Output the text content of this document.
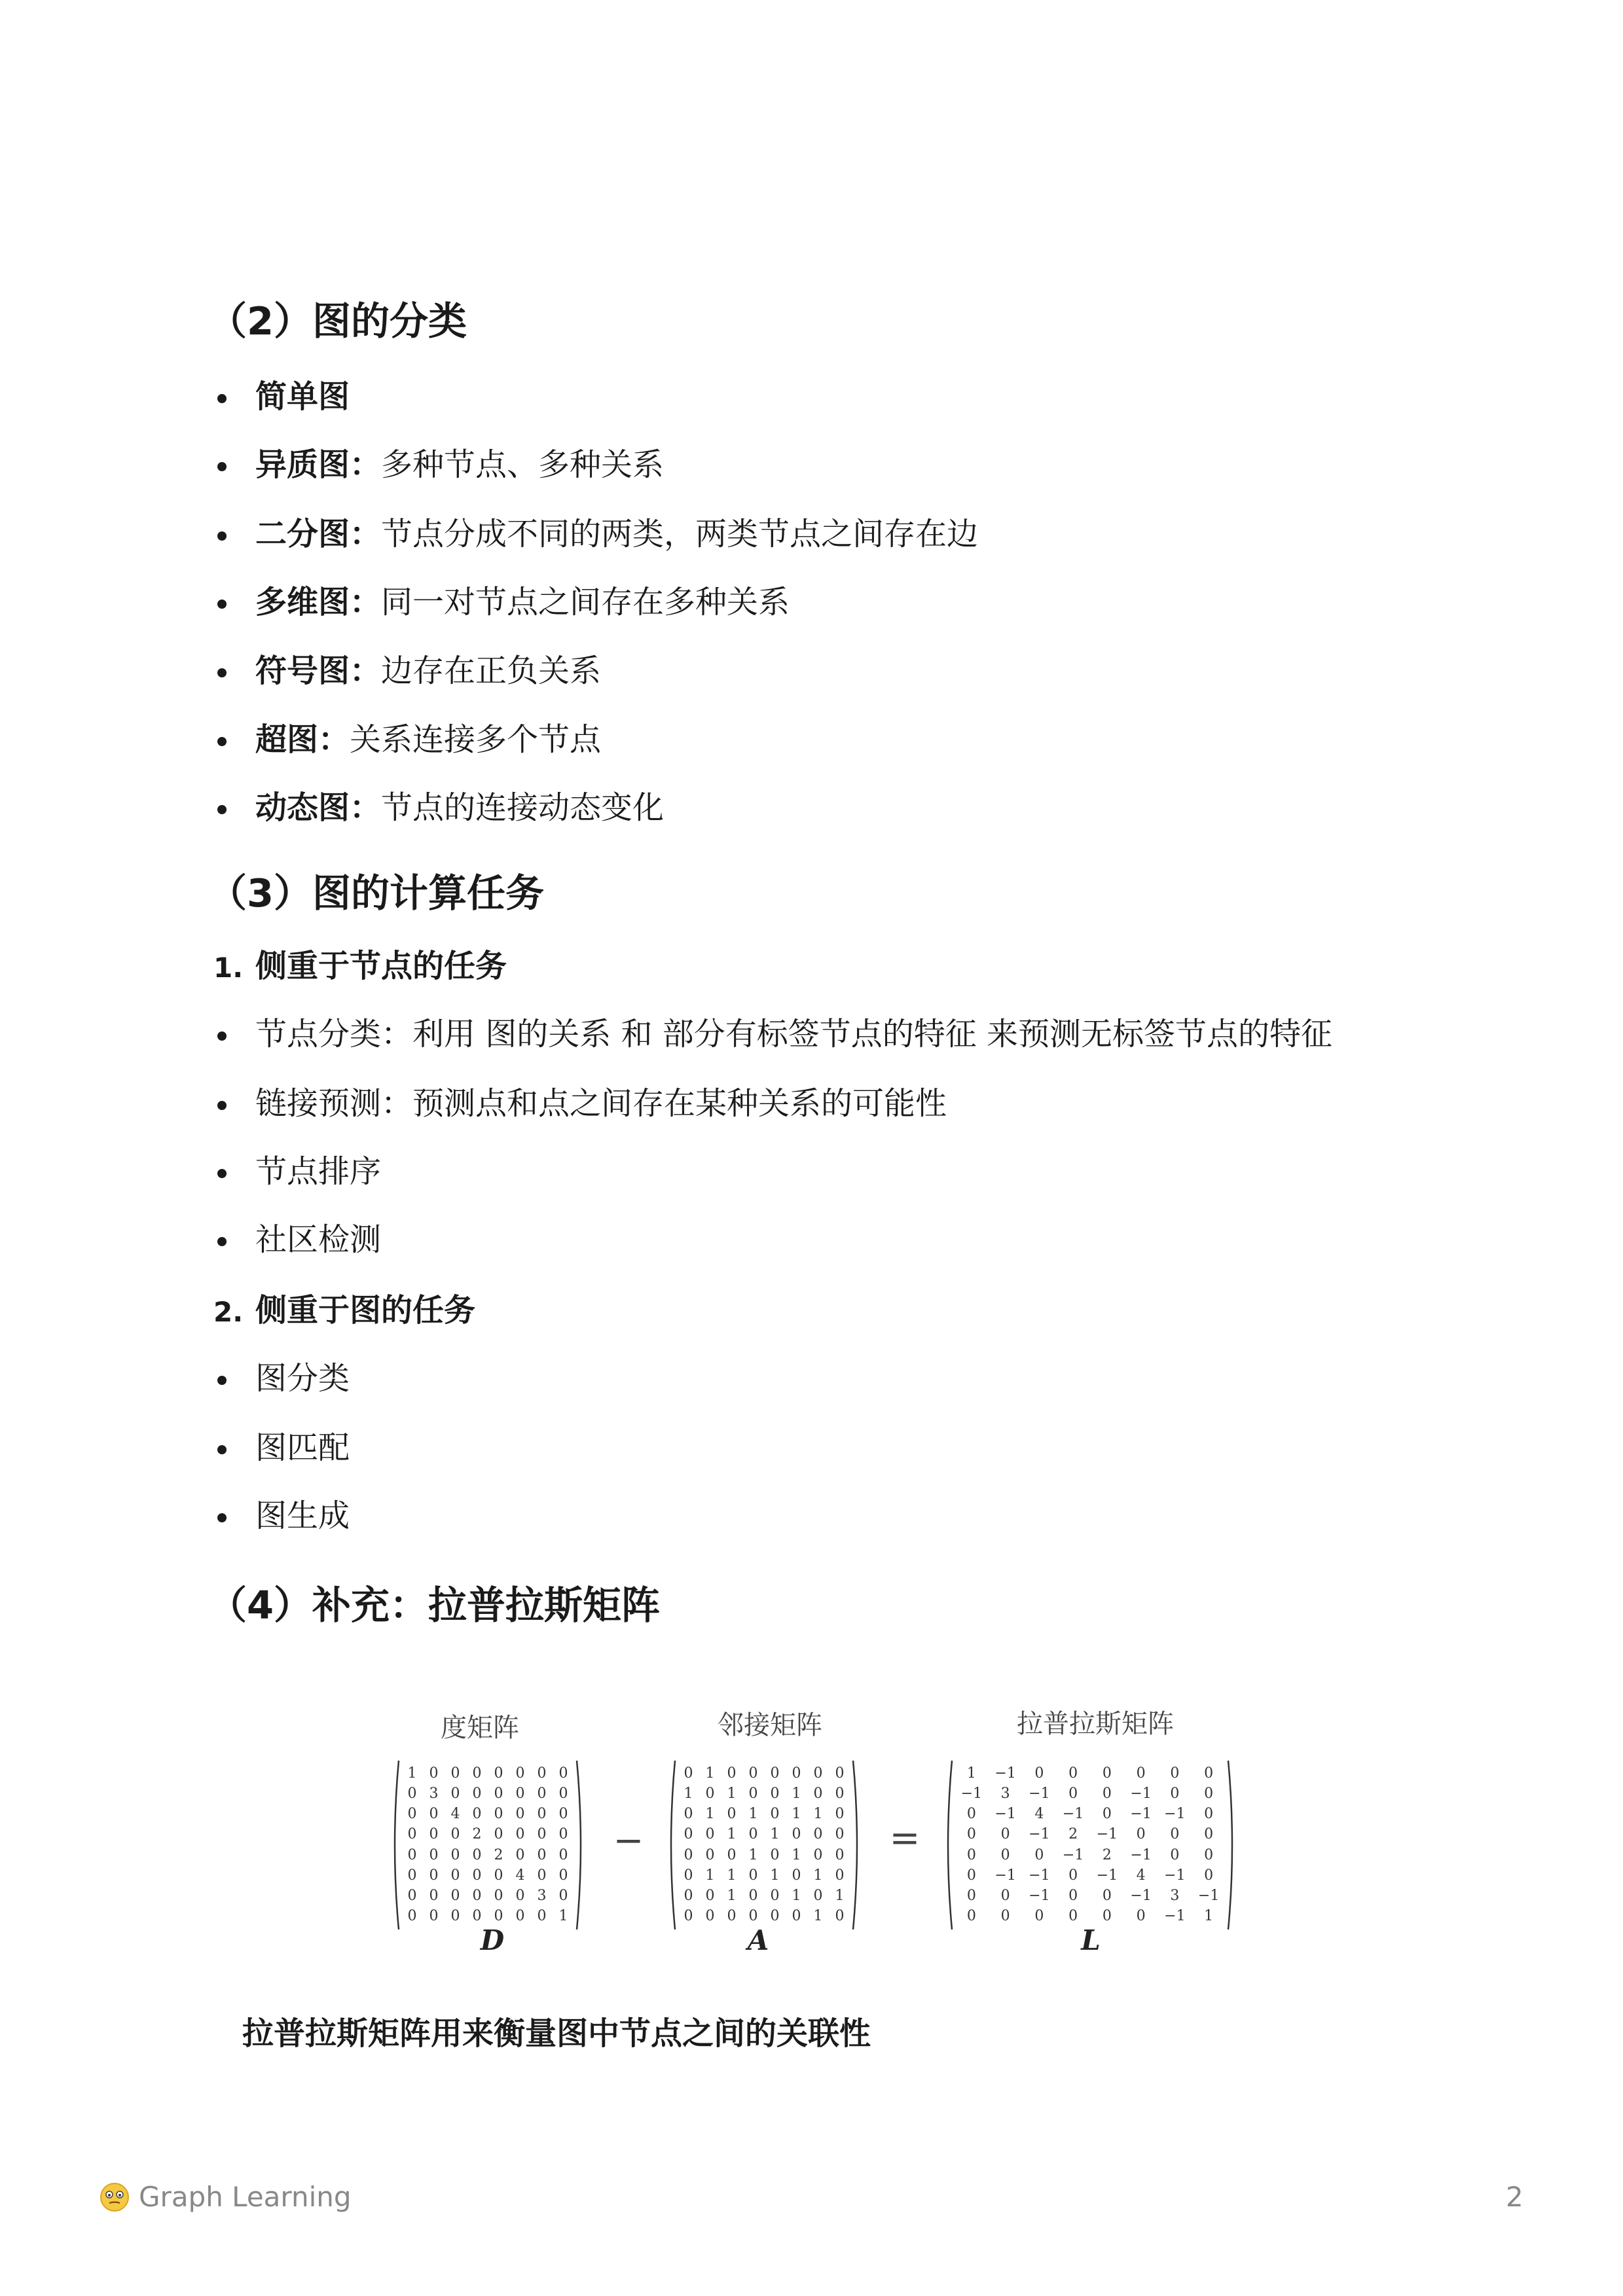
（2）图的分类
简单图
异质图：多种节点、多种关系
二分图：节点分成不同的两类，两类节点之间存在边
多维图：同一对节点之间存在多种关系
符号图：边存在正负关系
超图：关系连接多个节点
动态图：节点的连接动态变化
（3）图的计算任务
1. 侧重于节点的任务
节点分类：利用 图的关系 和 部分有标签节点的特征 来预测无标签节点的特征
链接预测：预测点和点之间存在某种关系的可能性
节点排序
社区检测
2. 侧重于图的任务
图分类
图匹配
图生成
（4）补充：拉普拉斯矩阵
度矩阵	邻接矩阵	拉普拉斯矩阵
1 0 0 0 0 0 0 0
0 3 0 0 0 0 0 0
0 0 4 0 0 0 0 0
0 0 0 2 0 0 0 0
0 0 0 0 2 0 0 0
0 0 0 0 0 4 0 0
0 0 0 0 0 0 3 0
0 0 0 0 0 0 0 1
0 1 0 0 0 0 0 0
1 0 1 0 0 1 0 0
0 1 0 1 0 1 1 0
0 0 1 0 1 0 0 0
0 0 0 1 0 1 0 0
0 1 1 0 1 0 1 0
0 0 1 0 0 1 0 1
0 0 0 0 0 0 1 0
1	−1	0	0	0	0	0	0
−1	3	−1	0	0	−1	0	0
0	−1	4	−1	0	−1 −1	0
0	0	−1	2	−1	0	0	0
0	0	0	−1	2	−1	0	0
0	−1 −1	0	−1	4	−1	0
0	0	−1	0	0	−1	3	−1
0	0	0	0	0	0	−1	1
−	=
D	A	L
拉普拉斯矩阵用来衡量图中节点之间的关联性
Graph Learning	2
